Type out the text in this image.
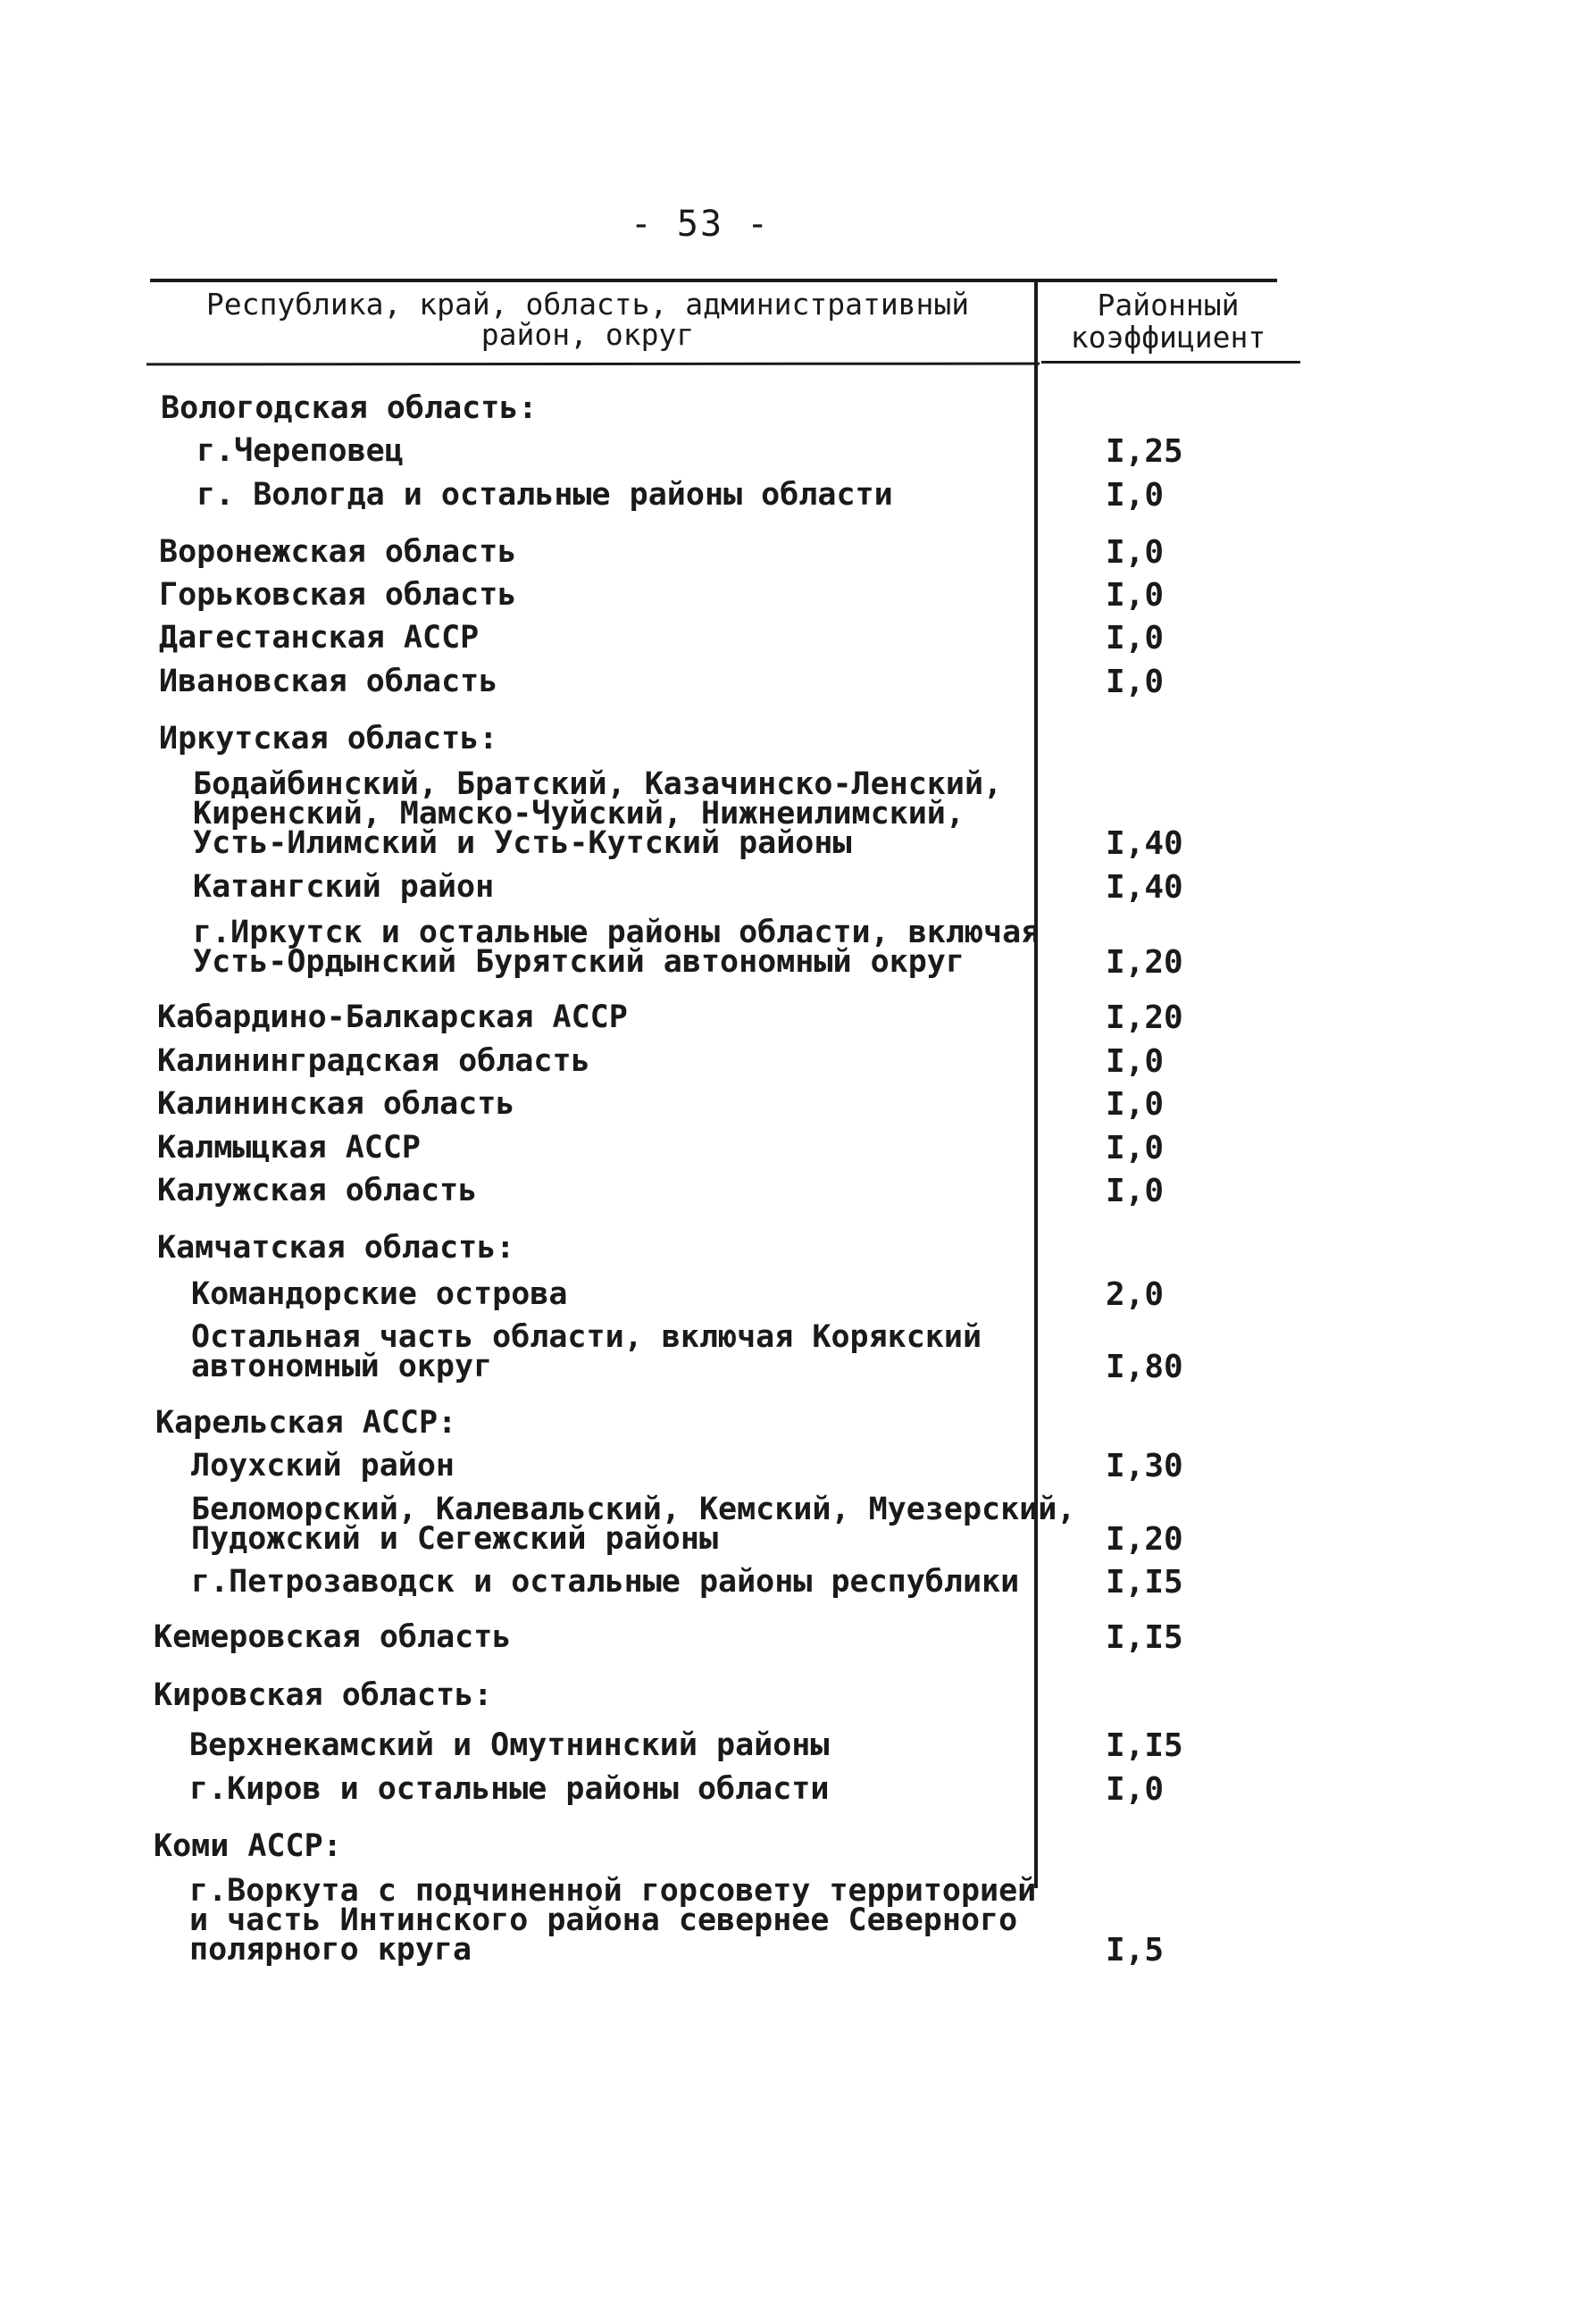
- 53 -
Республика, край, область, административный
район, округ
Районный
коэффициент
Вологодская область:
г.Череповец	I,25
г. Вологда и остальные районы области	I,0
Воронежская область	I,0
Горьковская область	I,0
Дагестанская АССР	I,0
Ивановская область	I,0
Иркутская область:
Бодайбинский, Братский, Казачинско-Ленский,
Киренский, Мамско-Чуйский, Нижнеилимский,
Усть-Илимский и Усть-Кутский районы	I,40
Катангский район	I,40
г.Иркутск и остальные районы области, включая
Усть-Ордынский Бурятский автономный округ	I,20
Кабардино-Балкарская АССР	I,20
Калининградская область	I,0
Калининская область	I,0
Калмыцкая АССР	I,0
Калужская область	I,0
Камчатская область:
Командорские острова	2,0
Остальная часть области, включая Корякский
автономный округ	I,80
Карельская АССР:
Лоухский район	I,30
Беломорский, Калевальский, Кемский, Муезерский,
Пудожский и Сегежский районы	I,20
г.Петрозаводск и остальные районы республики	I,I5
Кемеровская область	I,I5
Кировская область:
Верхнекамский и Омутнинский районы	I,I5
г.Киров и остальные районы области	I,0
Коми АССР:
г.Воркута с подчиненной горсовету территорией
и часть Интинского района севернее Северного
полярного круга	I,5
